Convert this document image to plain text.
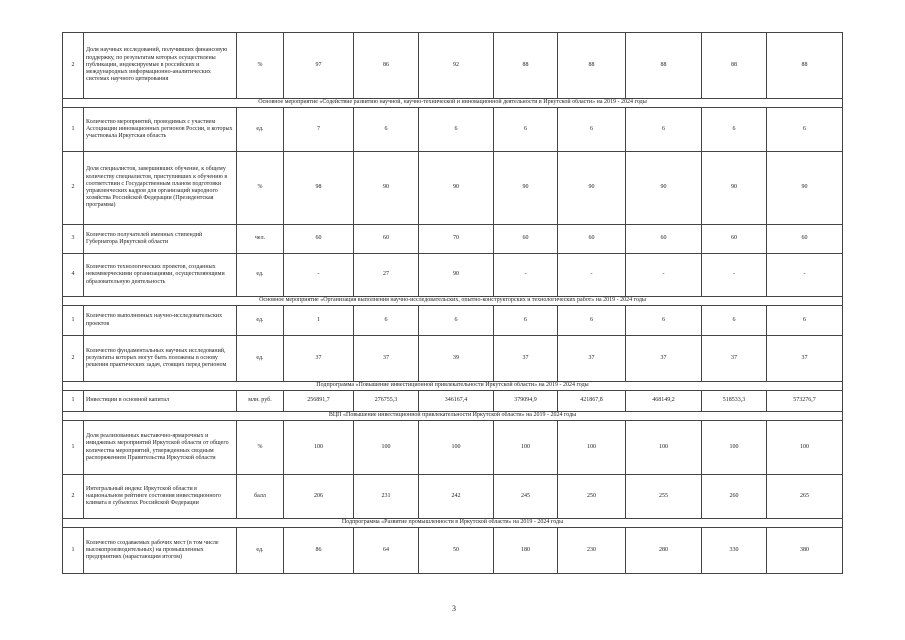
2	Доля научных исследований, получивших финансовую поддержку, по результатам которых осуществлены публикации, индексируемые в российских и международных информационно-аналитических системах научного цитирования	%	97	86	92	88	88	88	88	88
Основное мероприятие «Содействие развитию научной, научно-технической и инновационной деятельности в Иркутской области» на 2019 - 2024 годы										
1	Количество мероприятий, проводимых с участием Ассоциации инновационных регионов России, в которых участвовала Иркутская область	ед.	7	6	6	6	6	6	6	6
2	Доля специалистов, завершивших обучение, к общему количеству специалистов, приступивших к обучению в соответствии с Государственным планом подготовки управленческих кадров для организаций народного хозяйства Российской Федерации (Президентская программа)	%	98	90	90	90	90	90	90	90
3	Количество получателей именных стипендий Губернатора Иркутской области	чел.	60	60	70	60	60	60	60	60
4	Количество технологических проектов, созданных некоммерческими организациями, осуществляющими образовательную деятельность	ед.	-	27	90	-	-	-	-	-
Основное мероприятие «Организация выполнения научно-исследовательских, опытно-конструкторских и технологических работ» на 2019 - 2024 годы										
1	Количество выполненных научно-исследовательских проектов	ед.	1	6	6	6	6	6	6	6
2	Количество фундаментальных научных исследований, результаты которых могут быть положены в основу решения практических задач, стоящих перед регионом	ед.	37	37	39	37	37	37	37	37
Подпрограмма «Повышение инвестиционной привлекательности Иркутской области» на 2019 - 2024 годы										
1	Инвестиции в основной капитал	млн. руб.	256891,7	276755,3	346167,4	379094,9	421867,8	468149,2	518533,3	573276,7
ВЦП «Повышение инвестиционной привлекательности Иркутской области» на 2019 - 2024 годы										
1	Доля реализованных выставочно-ярмарочных и имиджевых мероприятий Иркутской области от общего количества мероприятий, утвержденных сводным распоряжением Правительства Иркутской области	%	100	100	100	100	100	100	100	100
2	Интегральный индекс Иркутской области в национальном рейтинге состояния инвестиционного климата в субъектах Российской Федерации	балл	206	231	242	245	250	255	260	265
Подпрограмма «Развитие промышленности в Иркутской области» на 2019 - 2024 годы										
1	Количество создаваемых рабочих мест (в том числе высокопроизводительных) на промышленных предприятиях (нарастающим итогом)	ед.	86	64	50	180	230	280	330	380
3
